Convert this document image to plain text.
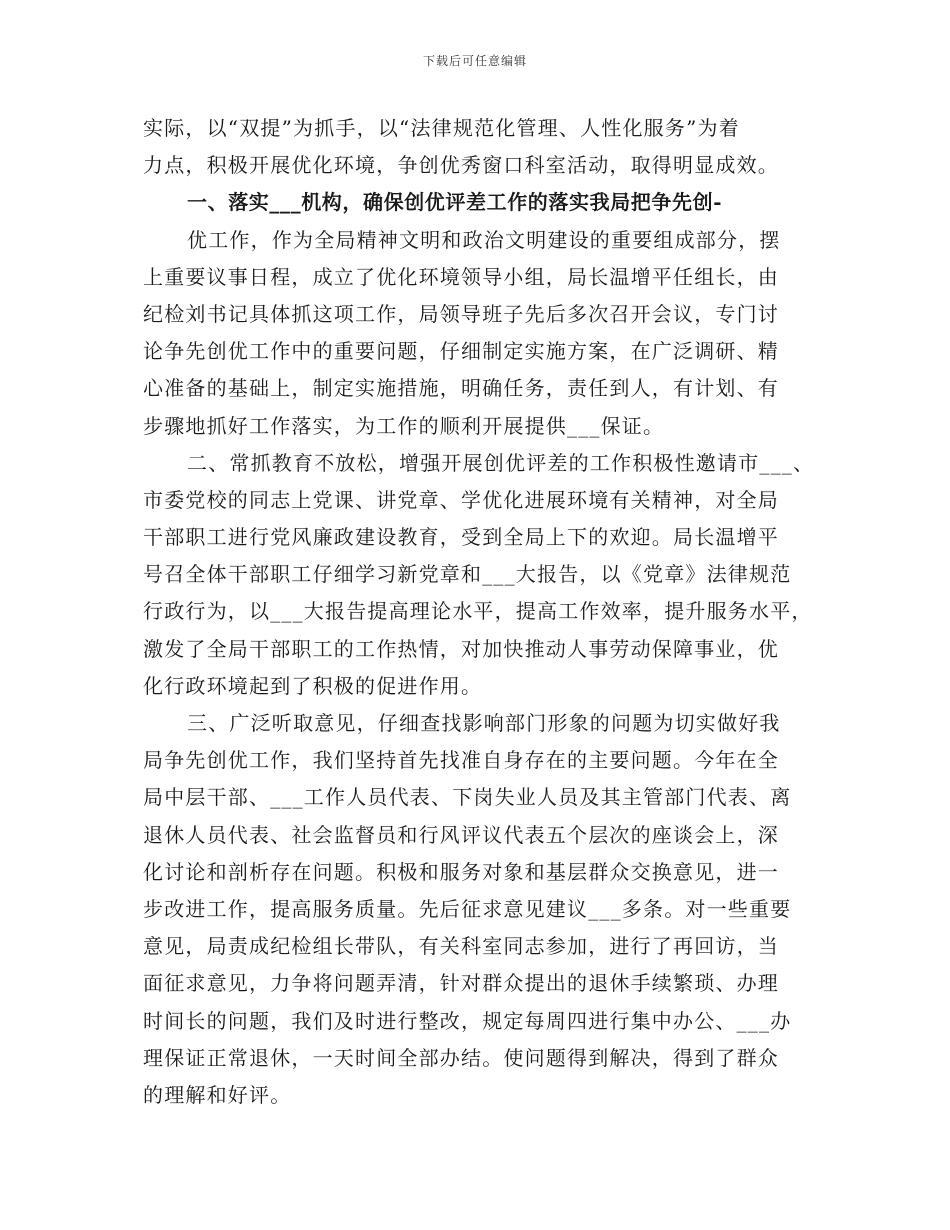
下载后可任意编辑
实际，以“双提”为抓手，以“法律规范化管理、人性化服务”为着
力点，积极开展优化环境，争创优秀窗口科室活动，取得明显成效。
一、落实___机构，确保创优评差工作的落实我局把争先创-
优工作，作为全局精神文明和政治文明建设的重要组成部分，摆
上重要议事日程，成立了优化环境领导小组，局长温增平任组长，由
纪检刘书记具体抓这项工作，局领导班子先后多次召开会议，专门讨
论争先创优工作中的重要问题，仔细制定实施方案，在广泛调研、精
心准备的基础上，制定实施措施，明确任务，责任到人，有计划、有
步骤地抓好工作落实，为工作的顺利开展提供___保证。
二、常抓教育不放松，增强开展创优评差的工作积极性邀请市___、
市委党校的同志上党课、讲党章、学优化进展环境有关精神，对全局
干部职工进行党风廉政建设教育，受到全局上下的欢迎。局长温增平
号召全体干部职工仔细学习新党章和___大报告，以《党章》法律规范
行政行为，以___大报告提高理论水平，提高工作效率，提升服务水平，
激发了全局干部职工的工作热情，对加快推动人事劳动保障事业，优
化行政环境起到了积极的促进作用。
三、广泛听取意见，仔细查找影响部门形象的问题为切实做好我
局争先创优工作，我们坚持首先找准自身存在的主要问题。今年在全
局中层干部、___工作人员代表、下岗失业人员及其主管部门代表、离
退休人员代表、社会监督员和行风评议代表五个层次的座谈会上，深
化讨论和剖析存在问题。积极和服务对象和基层群众交换意见，进一
步改进工作，提高服务质量。先后征求意见建议___多条。对一些重要
意见，局责成纪检组长带队，有关科室同志参加，进行了再回访，当
面征求意见，力争将问题弄清，针对群众提出的退休手续繁琐、办理
时间长的问题，我们及时进行整改，规定每周四进行集中办公、___办
理保证正常退休，一天时间全部办结。使问题得到解决，得到了群众
的理解和好评。
